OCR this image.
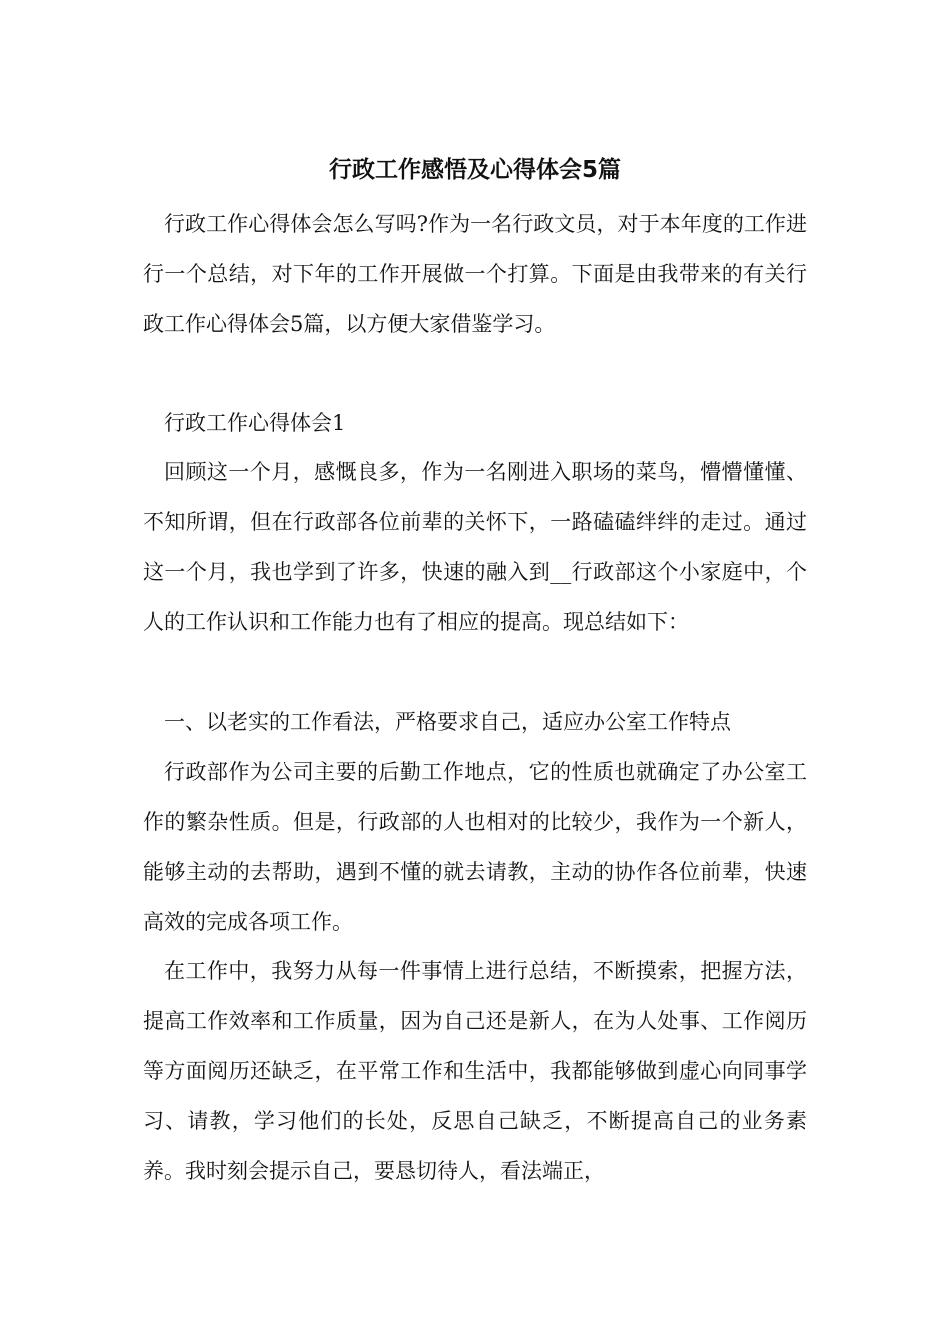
行政工作感悟及心得体会5篇

行政工作心得体会怎么写吗?作为一名行政文员，对于本年度的工作进行一个总结，对下年的工作开展做一个打算。下面是由我带来的有关行政工作心得体会5篇，以方便大家借鉴学习。

行政工作心得体会1

回顾这一个月，感慨良多，作为一名刚进入职场的菜鸟，懵懵懂懂、不知所谓，但在行政部各位前辈的关怀下，一路磕磕绊绊的走过。通过这一个月，我也学到了许多，快速的融入到__行政部这个小家庭中，个人的工作认识和工作能力也有了相应的提高。现总结如下：

一、以老实的工作看法，严格要求自己，适应办公室工作特点

行政部作为公司主要的后勤工作地点，它的性质也就确定了办公室工作的繁杂性质。但是，行政部的人也相对的比较少，我作为一个新人，能够主动的去帮助，遇到不懂的就去请教，主动的协作各位前辈，快速高效的完成各项工作。

在工作中，我努力从每一件事情上进行总结，不断摸索，把握方法，提高工作效率和工作质量，因为自己还是新人，在为人处事、工作阅历等方面阅历还缺乏，在平常工作和生活中，我都能够做到虚心向同事学习、请教，学习他们的长处，反思自己缺乏，不断提高自己的业务素养。我时刻会提示自己，要恳切待人，看法端正，
